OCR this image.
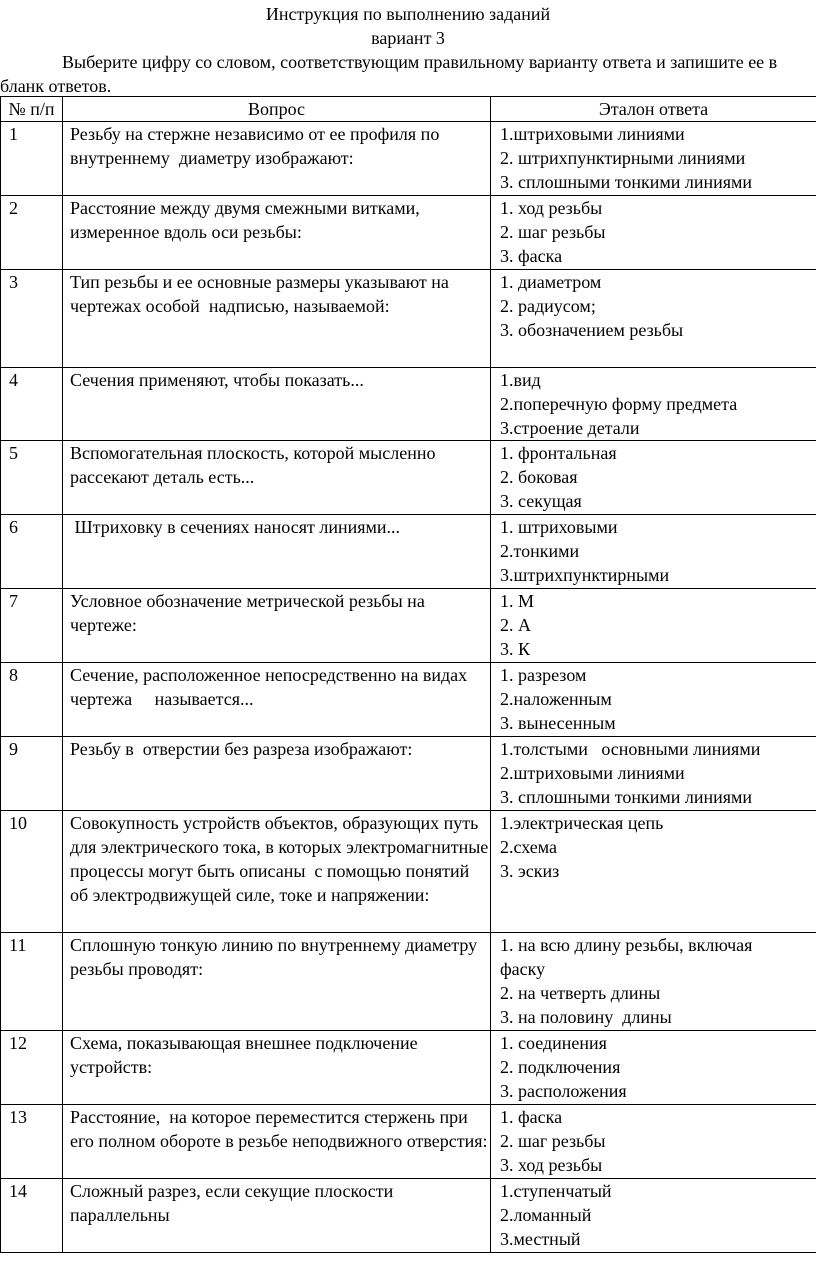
Инструкция по выполнению заданий
вариант 3
Выберите цифру со словом, соответствующим правильному варианту ответа и запишите ее в бланк ответов.
№ п/п	Вопрос	Эталон ответа
1	Резьбу на стержне независимо от ее профиля по внутреннему  диаметру изображают:	1.штриховыми линиями
2. штрихпунктирными линиями
3. сплошными тонкими линиями

2	Расстояние между двумя смежными витками, измеренное вдоль оси резьбы:	1. ход резьбы
2. шаг резьбы
3. фаска

3	Тип резьбы и ее основные размеры указывают на чертежах особой  надписью, называемой:	1. диаметром
2. радиусом;
3. обозначением резьбы

4	Сечения применяют, чтобы показать...	1.вид
2.поперечную форму предмета
3.строение детали

5	Вспомогательная плоскость, которой мысленно рассекают деталь есть...	1. фронтальная
2. боковая
3. секущая

6	Штриховку в сечениях наносят линиями...	1. штриховыми
2.тонкими
3.штрихпунктирными

7	Условное обозначение метрической резьбы на чертеже:	1. М
2. А
3. К

8	Сечение, расположенное непосредственно на видах чертежа     называется...	1. разрезом
2.наложенным
3. вынесенным

9	Резьбу в  отверстии без разреза изображают:	1.толстыми   основными линиями
2.штриховыми линиями
3. сплошными тонкими линиями

10	Совокупность устройств объектов, образующих путь для электрического тока, в которых электромагнитные процессы могут быть описаны  с помощью понятий об электродвижущей силе, токе и напряжении:	1.электрическая цепь
2.схема
3. эскиз

11	Сплошную тонкую линию по внутреннему диаметру резьбы проводят:	1. на всю длину резьбы, включая
фаску
2. на четверть длины
3. на половину  длины

12	Схема, показывающая внешнее подключение устройств:	1. соединения
2. подключения
3. расположения

13	Расстояние,  на которое переместится стержень при его полном обороте в резьбе неподвижного отверстия:	1. фаска
2. шаг резьбы
3. ход резьбы

14	Сложный разрез, если секущие плоскости параллельны	1.ступенчатый
2.ломанный
3.местный
